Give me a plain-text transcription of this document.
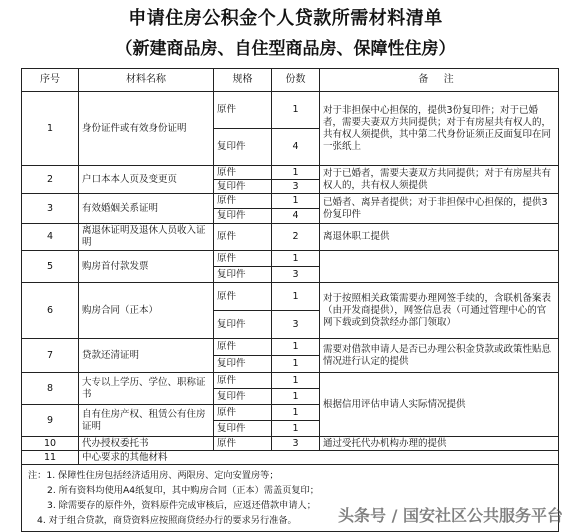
申请住房公积金个人贷款所需材料清单
（新建商品房、自住型商品房、保障性住房）
序号	材料名称	规格	份数	备 注
1	身份证件或有效身份证明	原件	1	对于非担保中心担保的，提供3份复印件；对于已婚者，需要夫妻双方共同提供；对于有房屋共有权人的，共有权人须提供，其中第二代身份证须正反面复印在同一张纸上
		复印件	4	
2	户口本本人页及变更页	原件	1	对于已婚者，需要夫妻双方共同提供；对于有房屋共有权人的，共有权人须提供
		复印件	3	
3	有效婚姻关系证明	原件	1	已婚者、离异者提供；对于非担保中心担保的，提供3份复印件
		复印件	4	
4	离退休证明及退休人员收入证明	原件	2	离退休职工提供
5	购房首付款发票	原件	1	
		复印件	3	
6	购房合同（正本）	原件	1	对于按照相关政策需要办理网签手续的，含联机备案表（由开发商提供），网签信息表（可通过管理中心的官网下载或到贷款经办部门领取）
		复印件	3	
7	贷款还清证明	原件	1	需要对借款申请人是否已办理公积金贷款或政策性贴息情况进行认定的提供
		复印件	1	
8	大专以上学历、学位、职称证书	原件	1	根据信用评估申请人实际情况提供
		复印件	1	
9	自有住房产权、租赁公有住房证明	原件	1	
		复印件	1	
10	代办授权委托书	原件	3	通过受托代办机构办理的提供
11	中心要求的其他材料			

注：1. 保障性住房包括经济适用房、两限房、定向安置房等；
2. 所有资料均使用A4纸复印，其中购房合同（正本）需盖页复印；
3. 除需要存的原件外，资料原件完成审核后，应返还借款申请人；
4. 对于组合贷款，商贷资料应按照商贷经办行的要求另行准备。					头条号 / 国安社区公共服务平台
